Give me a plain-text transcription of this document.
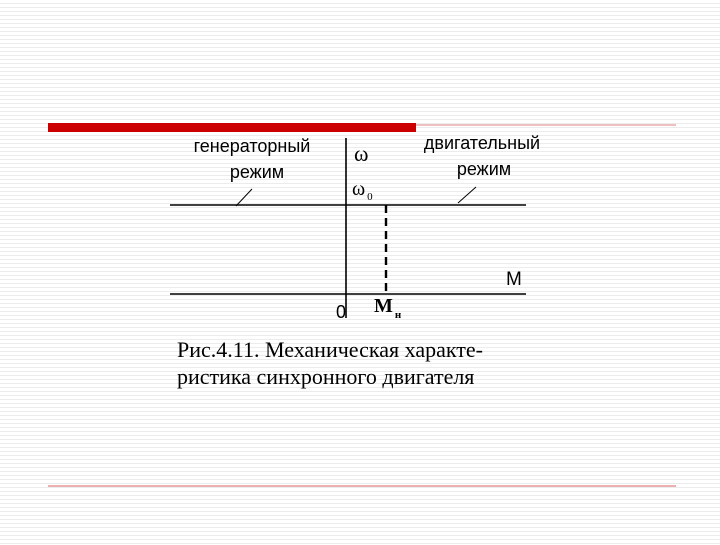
генераторный
режим
двигательный
режим
ω
ω $_0$
M
0 M $_н$

Рис.4.11. Механическая характе-
ристика синхронного двигателя
